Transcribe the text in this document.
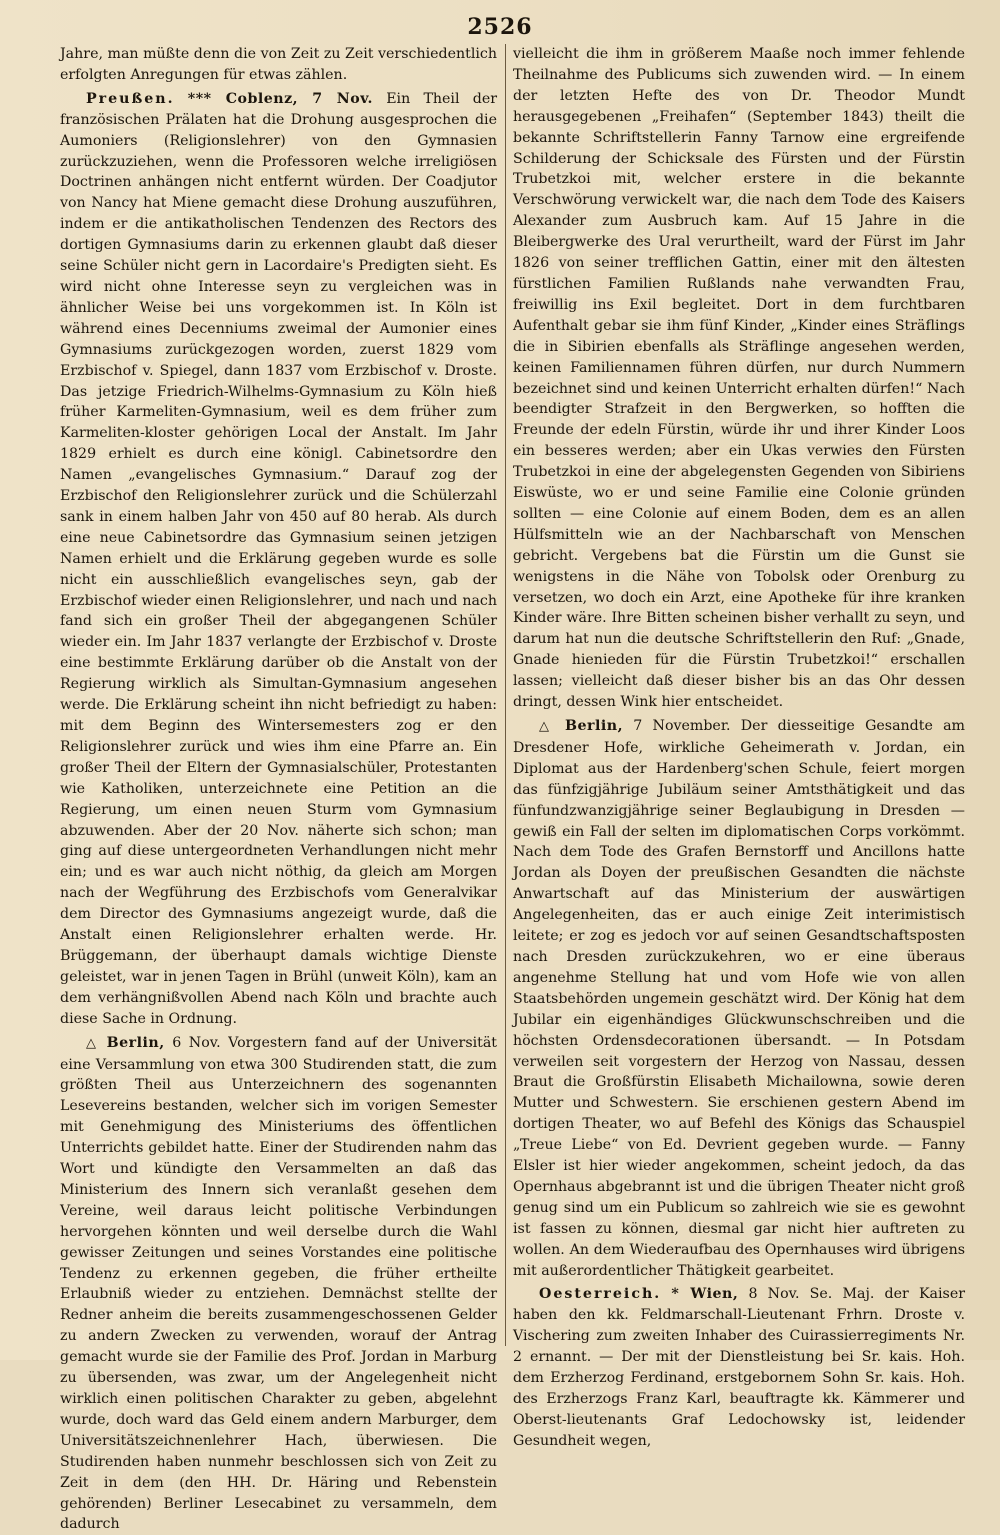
2526

Jahre, man müßte denn die von Zeit zu Zeit verschiedentlich erfolgten Anregungen für etwas zählen.

Preußen. *** Coblenz, 7 Nov. Ein Theil der französischen Prälaten hat die Drohung ausgesprochen die Aumoniers (Religionslehrer) von den Gymnasien zurückzuziehen, wenn die Professoren welche irreligiösen Doctrinen anhängen nicht entfernt würden. Der Coadjutor von Nancy hat Miene gemacht diese Drohung auszuführen, indem er die antikatholischen Tendenzen des Rectors des dortigen Gymnasiums darin zu erkennen glaubt daß dieser seine Schüler nicht gern in Lacordaire's Predigten sieht. Es wird nicht ohne Interesse seyn zu vergleichen was in ähnlicher Weise bei uns vorgekommen ist. In Köln ist während eines Decenniums zweimal der Aumonier eines Gymnasiums zurückgezogen worden, zuerst 1829 vom Erzbischof v. Spiegel, dann 1837 vom Erzbischof v. Droste. Das jetzige Friedrich-Wilhelms-Gymnasium zu Köln hieß früher Karmeliten-Gymnasium, weil es dem früher zum Karmeliten-kloster gehörigen Local der Anstalt. Im Jahr 1829 erhielt es durch eine königl. Cabinetsordre den Namen „evangelisches Gymnasium.“ Darauf zog der Erzbischof den Religionslehrer zurück und die Schülerzahl sank in einem halben Jahr von 450 auf 80 herab. Als durch eine neue Cabinetsordre das Gymnasium seinen jetzigen Namen erhielt und die Erklärung gegeben wurde es solle nicht ein ausschließlich evangelisches seyn, gab der Erzbischof wieder einen Religionslehrer, und nach und nach fand sich ein großer Theil der abgegangenen Schüler wieder ein. Im Jahr 1837 verlangte der Erzbischof v. Droste eine bestimmte Erklärung darüber ob die Anstalt von der Regierung wirklich als Simultan-Gymnasium angesehen werde. Die Erklärung scheint ihn nicht befriedigt zu haben: mit dem Beginn des Wintersemesters zog er den Religionslehrer zurück und wies ihm eine Pfarre an. Ein großer Theil der Eltern der Gymnasialschüler, Protestanten wie Katholiken, unterzeichnete eine Petition an die Regierung, um einen neuen Sturm vom Gymnasium abzuwenden. Aber der 20 Nov. näherte sich schon; man ging auf diese untergeordneten Verhandlungen nicht mehr ein; und es war auch nicht nöthig, da gleich am Morgen nach der Wegführung des Erzbischofs vom Generalvikar dem Director des Gymnasiums angezeigt wurde, daß die Anstalt einen Religionslehrer erhalten werde. Hr. Brüggemann, der überhaupt damals wichtige Dienste geleistet, war in jenen Tagen in Brühl (unweit Köln), kam an dem verhängnißvollen Abend nach Köln und brachte auch diese Sache in Ordnung.

△ Berlin, 6 Nov. Vorgestern fand auf der Universität eine Versammlung von etwa 300 Studirenden statt, die zum größten Theil aus Unterzeichnern des sogenannten Lesevereins bestanden, welcher sich im vorigen Semester mit Genehmigung des Ministeriums des öffentlichen Unterrichts gebildet hatte. Einer der Studirenden nahm das Wort und kündigte den Versammelten an daß das Ministerium des Innern sich veranlaßt gesehen dem Vereine, weil daraus leicht politische Verbindungen hervorgehen könnten und weil derselbe durch die Wahl gewisser Zeitungen und seines Vorstandes eine politische Tendenz zu erkennen gegeben, die früher ertheilte Erlaubniß wieder zu entziehen. Demnächst stellte der Redner anheim die bereits zusammengeschossenen Gelder zu andern Zwecken zu verwenden, worauf der Antrag gemacht wurde sie der Familie des Prof. Jordan in Marburg zu übersenden, was zwar, um der Angelegenheit nicht wirklich einen politischen Charakter zu geben, abgelehnt wurde, doch ward das Geld einem andern Marburger, dem Universitätszeichnenlehrer Hach, überwiesen. Die Studirenden haben nunmehr beschlossen sich von Zeit zu Zeit in dem (den HH. Dr. Häring und Rebenstein gehörenden) Berliner Lesecabinet zu versammeln, dem dadurch

vielleicht die ihm in größerem Maaße noch immer fehlende Theilnahme des Publicums sich zuwenden wird. — In einem der letzten Hefte des von Dr. Theodor Mundt herausgegebenen „Freihafen“ (September 1843) theilt die bekannte Schriftstellerin Fanny Tarnow eine ergreifende Schilderung der Schicksale des Fürsten und der Fürstin Trubetzkoi mit, welcher erstere in die bekannte Verschwörung verwickelt war, die nach dem Tode des Kaisers Alexander zum Ausbruch kam. Auf 15 Jahre in die Bleibergwerke des Ural verurtheilt, ward der Fürst im Jahr 1826 von seiner trefflichen Gattin, einer mit den ältesten fürstlichen Familien Rußlands nahe verwandten Frau, freiwillig ins Exil begleitet. Dort in dem furchtbaren Aufenthalt gebar sie ihm fünf Kinder, „Kinder eines Sträflings die in Sibirien ebenfalls als Sträflinge angesehen werden, keinen Familiennamen führen dürfen, nur durch Nummern bezeichnet sind und keinen Unterricht erhalten dürfen!“ Nach beendigter Strafzeit in den Bergwerken, so hofften die Freunde der edeln Fürstin, würde ihr und ihrer Kinder Loos ein besseres werden; aber ein Ukas verwies den Fürsten Trubetzkoi in eine der abgelegensten Gegenden von Sibiriens Eiswüste, wo er und seine Familie eine Colonie gründen sollten — eine Colonie auf einem Boden, dem es an allen Hülfsmitteln wie an der Nachbarschaft von Menschen gebricht. Vergebens bat die Fürstin um die Gunst sie wenigstens in die Nähe von Tobolsk oder Orenburg zu versetzen, wo doch ein Arzt, eine Apotheke für ihre kranken Kinder wäre. Ihre Bitten scheinen bisher verhallt zu seyn, und darum hat nun die deutsche Schriftstellerin den Ruf: „Gnade, Gnade hienieden für die Fürstin Trubetzkoi!“ erschallen lassen; vielleicht daß dieser bisher bis an das Ohr dessen dringt, dessen Wink hier entscheidet.

△ Berlin, 7 November. Der diesseitige Gesandte am Dresdener Hofe, wirkliche Geheimerath v. Jordan, ein Diplomat aus der Hardenberg'schen Schule, feiert morgen das fünfzigjährige Jubiläum seiner Amtsthätigkeit und das fünfundzwanzigjährige seiner Beglaubigung in Dresden — gewiß ein Fall der selten im diplomatischen Corps vorkömmt. Nach dem Tode des Grafen Bernstorff und Ancillons hatte Jordan als Doyen der preußischen Gesandten die nächste Anwartschaft auf das Ministerium der auswärtigen Angelegenheiten, das er auch einige Zeit interimistisch leitete; er zog es jedoch vor auf seinen Gesandtschaftsposten nach Dresden zurückzukehren, wo er eine überaus angenehme Stellung hat und vom Hofe wie von allen Staatsbehörden ungemein geschätzt wird. Der König hat dem Jubilar ein eigenhändiges Glückwunschschreiben und die höchsten Ordensdecorationen übersandt. — In Potsdam verweilen seit vorgestern der Herzog von Nassau, dessen Braut die Großfürstin Elisabeth Michailowna, sowie deren Mutter und Schwestern. Sie erschienen gestern Abend im dortigen Theater, wo auf Befehl des Königs das Schauspiel „Treue Liebe“ von Ed. Devrient gegeben wurde. — Fanny Elsler ist hier wieder angekommen, scheint jedoch, da das Opernhaus abgebrannt ist und die übrigen Theater nicht groß genug sind um ein Publicum so zahlreich wie sie es gewohnt ist fassen zu können, diesmal gar nicht hier auftreten zu wollen. An dem Wiederaufbau des Opernhauses wird übrigens mit außerordentlicher Thätigkeit gearbeitet.

Oesterreich. * Wien, 8 Nov. Se. Maj. der Kaiser haben den kk. Feldmarschall-Lieutenant Frhrn. Droste v. Vischering zum zweiten Inhaber des Cuirassierregiments Nr. 2 ernannt. — Der mit der Dienstleistung bei Sr. kais. Hoh. dem Erzherzog Ferdinand, erstgebornem Sohn Sr. kais. Hoh. des Erzherzogs Franz Karl, beauftragte kk. Kämmerer und Oberst-lieutenants Graf Ledochowsky ist, leidender Gesundheit wegen,
